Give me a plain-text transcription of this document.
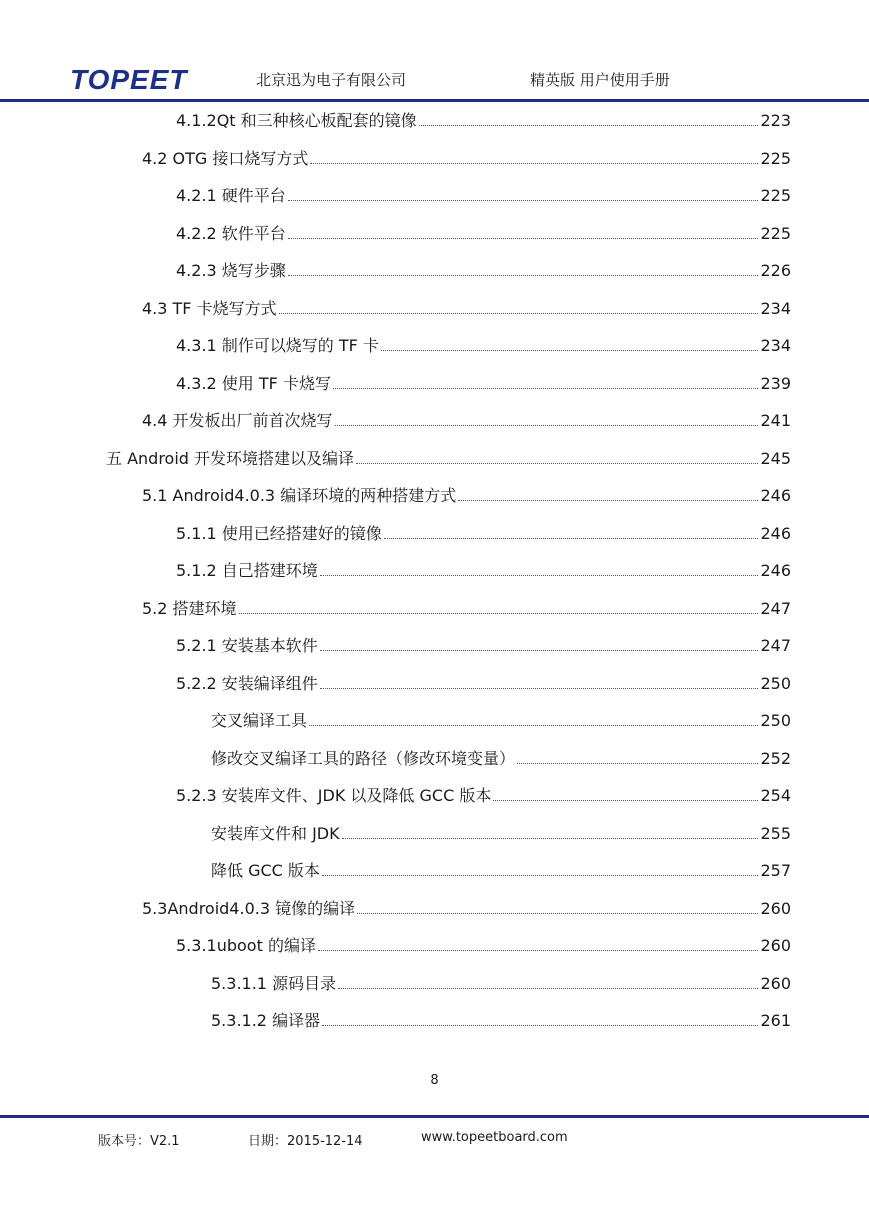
TOPEET	北京迅为电子有限公司	精英版 用户使用手册
4.1.2Qt 和三种核心板配套的镜像	223
4.2 OTG 接口烧写方式	225
4.2.1 硬件平台	225
4.2.2 软件平台	225
4.2.3 烧写步骤	226
4.3 TF 卡烧写方式	234
4.3.1 制作可以烧写的 TF 卡	234
4.3.2 使用 TF 卡烧写	239
4.4 开发板出厂前首次烧写	241
五 Android 开发环境搭建以及编译	245
5.1 Android4.0.3 编译环境的两种搭建方式	246
5.1.1 使用已经搭建好的镜像	246
5.1.2 自己搭建环境	246
5.2 搭建环境	247
5.2.1 安装基本软件	247
5.2.2 安装编译组件	250
交叉编译工具	250
修改交叉编译工具的路径（修改环境变量）	252
5.2.3 安装库文件、JDK 以及降低 GCC 版本	254
安装库文件和 JDK	255
降低 GCC 版本	257
5.3Android4.0.3 镜像的编译	260
5.3.1uboot 的编译	260
5.3.1.1 源码目录	260
5.3.1.2 编译器	261
8
版本号：V2.1	日期：2015-12-14	www.topeetboard.com
